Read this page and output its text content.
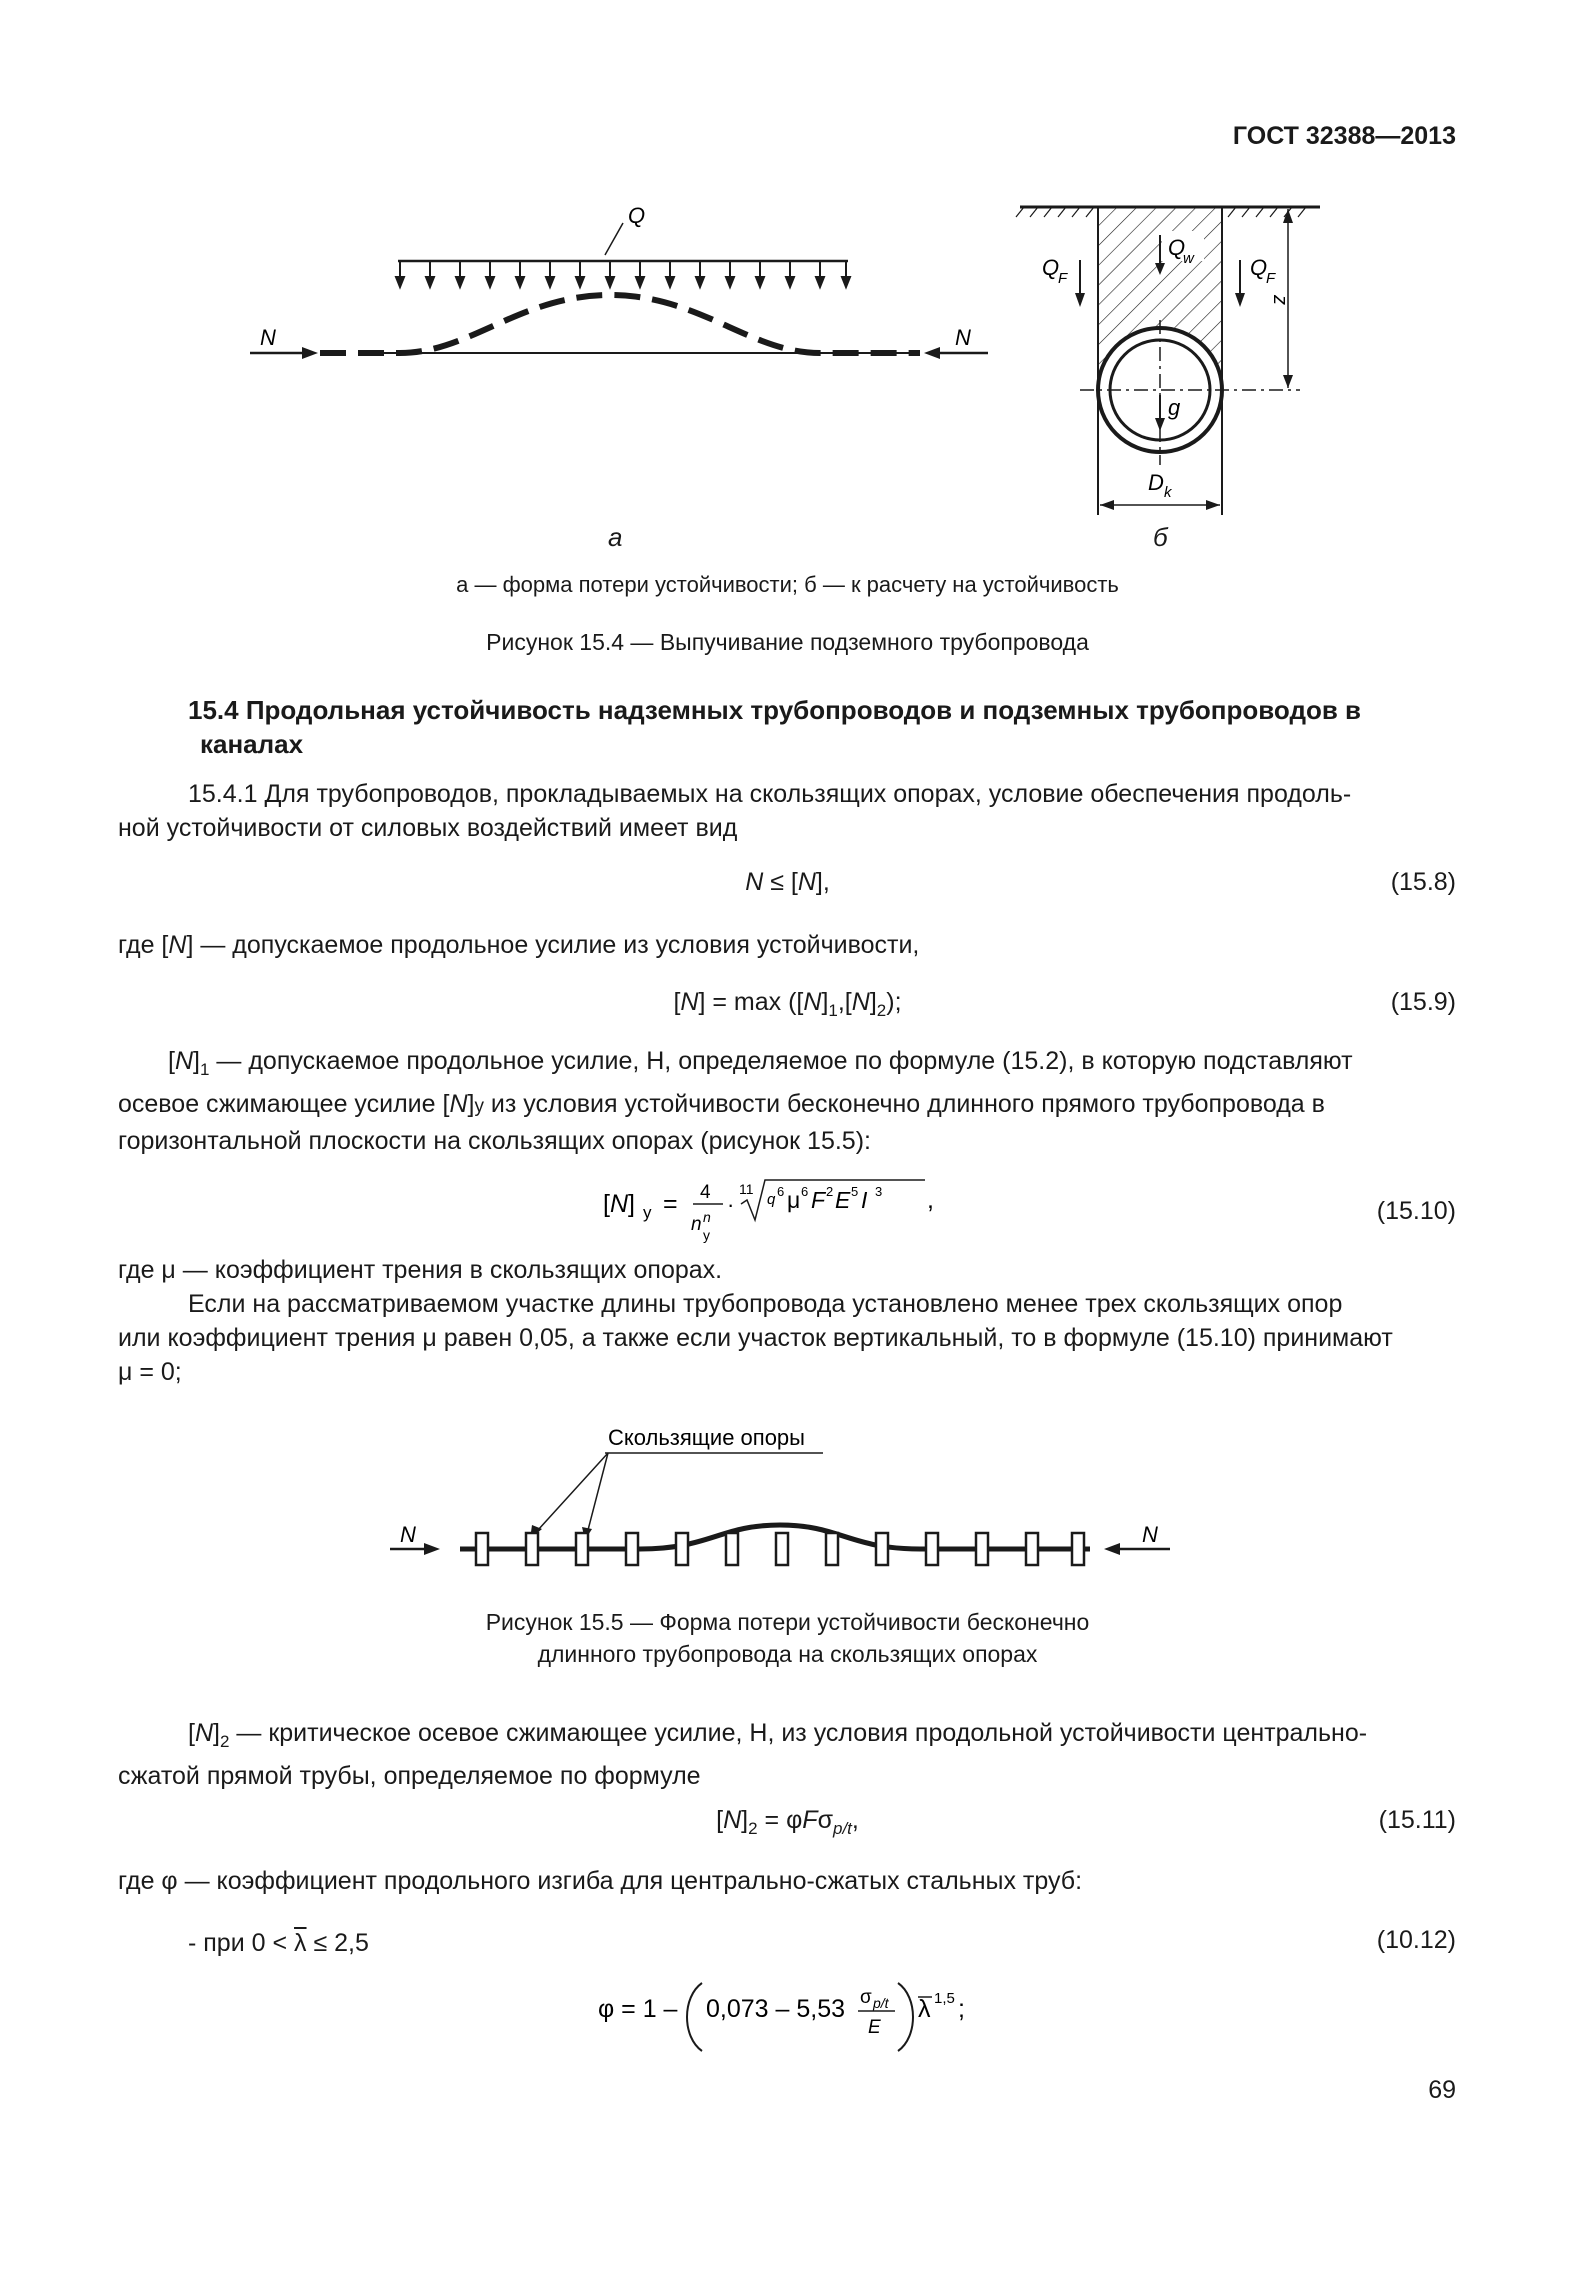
ГОСТ 32388—2013
Q
N	N
а
Q
w
g
Q
F	Q
F
z
D k
б
а — форма потери устойчивости; б — к расчету на устойчивость
Рисунок 15.4 — Выпучивание подземного трубопровода
15.4 Продольная устойчивость надземных трубопроводов и подземных трубопроводов в
каналах
15.4.1 Для трубопроводов, прокладываемых на скользящих опорах, условие обеспечения продоль-
ной устойчивости от силовых воздействий имеет вид
N ≤ [N],	(15.8)
где [N] — допускаемое продольное усилие из условия устойчивости,
$[N] = \max ([N]_1,[N]_2)$;	(15.9)
$[N]_1$ — допускаемое продольное усилие, Н, определяемое по формуле (15.2), в которую подставляют
осевое сжимающее усилие [N]у из условия устойчивости бесконечно длинного прямого трубопровода в
горизонтальной плоскости на скользящих опорах (рисунок 15.5):
[N] у = 4
n n
у
·
11
q 6 μ 6 F 2 E 5 I 3 ,	(15.10)
где μ — коэффициент трения в скользящих опорах.
Если на рассматриваемом участке длины трубопровода установлено менее трех скользящих опор
или коэффициент трения μ равен 0,05, а также если участок вертикальный, то в формуле (15.10) принимают
μ = 0;
Скользящие опоры
N	N
Рисунок 15.5 — Форма потери устойчивости бесконечно
длинного трубопровода на скользящих опорах
$[N]_2$ — критическое осевое сжимающее усилие, Н, из условия продольной устойчивости центрально-
сжатой прямой трубы, определяемое по формуле
$[N]_2 = \varphi F\sigma_{p/t}$,	(15.11)
где φ — коэффициент продольного изгиба для центрально-сжатых стальных труб:
- при $0 < \overline{\lambda} \le 2,5$	(10.12)
φ = 1 – 0,073 – 5,53 σ p/t
E
λ 1,5 ;
69
